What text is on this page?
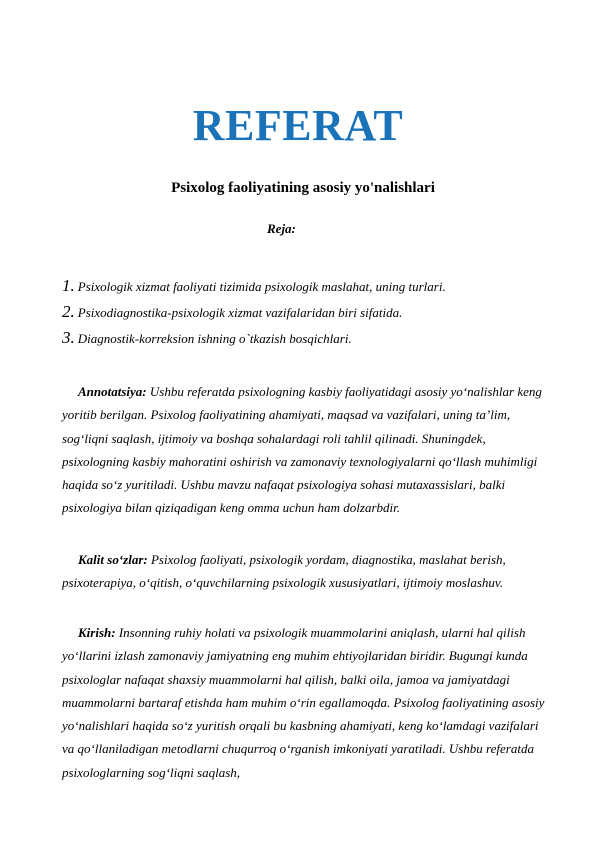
REFERAT

Psixolog faoliyatining asosiy yo'nalishlari

Reja:

1. Psixologik xizmat faoliyati tizimida psixologik maslahat, uning turlari.
2. Psixodiagnostika-psixologik xizmat vazifalaridan biri sifatida.
3. Diagnostik-korreksion ishning o`tkazish bosqichlari.

Annotatsiya: Ushbu referatda psixologning kasbiy faoliyatidagi asosiy yo‘nalishlar keng yoritib berilgan. Psixolog faoliyatining ahamiyati, maqsad va vazifalari, uning ta’lim, sog‘liqni saqlash, ijtimoiy va boshqa sohalardagi roli tahlil qilinadi. Shuningdek, psixologning kasbiy mahoratini oshirish va zamonaviy texnologiyalarni qo‘llash muhimligi haqida so‘z yuritiladi. Ushbu mavzu nafaqat psixologiya sohasi mutaxassislari, balki psixologiya bilan qiziqadigan keng omma uchun ham dolzarbdir.

Kalit so‘zlar: Psixolog faoliyati, psixologik yordam, diagnostika, maslahat berish, psixoterapiya, o‘qitish, o‘quvchilarning psixologik xususiyatlari, ijtimoiy moslashuv.

Kirish: Insonning ruhiy holati va psixologik muammolarini aniqlash, ularni hal qilish yo‘llarini izlash zamonaviy jamiyatning eng muhim ehtiyojlaridan biridir. Bugungi kunda psixologlar nafaqat shaxsiy muammolarni hal qilish, balki oila, jamoa va jamiyatdagi muammolarni bartaraf etishda ham muhim o‘rin egallamoqda. Psixolog faoliyatining asosiy yo‘nalishlari haqida so‘z yuritish orqali bu kasbning ahamiyati, keng ko‘lamdagi vazifalari va qo‘llaniladigan metodlarni chuqurroq o‘rganish imkoniyati yaratiladi. Ushbu referatda psixologlarning sog‘liqni saqlash,
